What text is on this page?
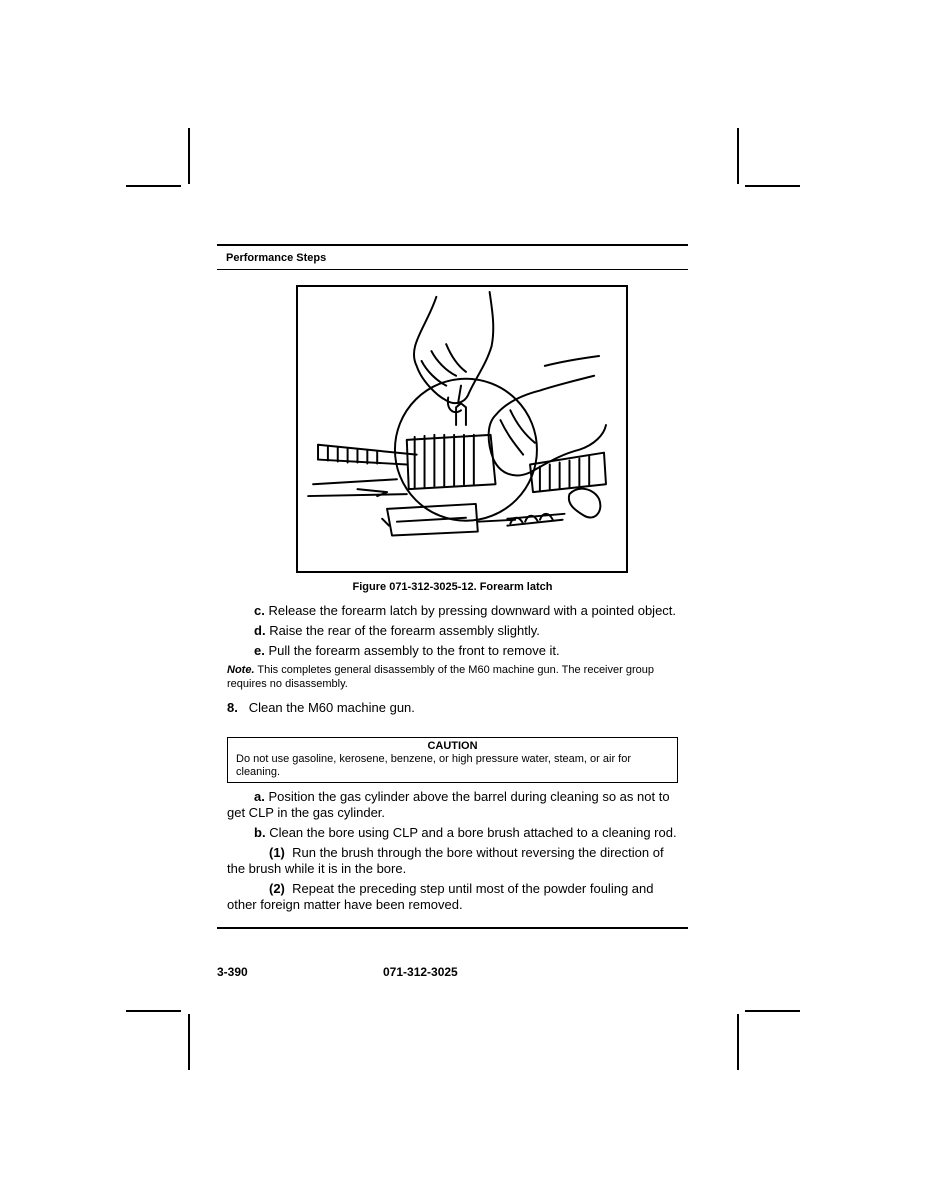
Performance Steps
Figure 071-312-3025-12. Forearm latch

c. Release the forearm latch by pressing downward with a pointed object.

d. Raise the rear of the forearm assembly slightly.

e. Pull the forearm assembly to the front to remove it.

Note. This completes general disassembly of the M60 machine gun. The receiver group requires no disassembly.

8. Clean the M60 machine gun.

CAUTION
Do not use gasoline, kerosene, benzene, or high pressure water, steam, or air for cleaning.

a. Position the gas cylinder above the barrel during cleaning so as not to get CLP in the gas cylinder.

b. Clean the bore using CLP and a bore brush attached to a cleaning rod.

(1) Run the brush through the bore without reversing the direction of the brush while it is in the bore.

(2) Repeat the preceding step until most of the powder fouling and other foreign matter have been removed.

3-390	071-312-3025
